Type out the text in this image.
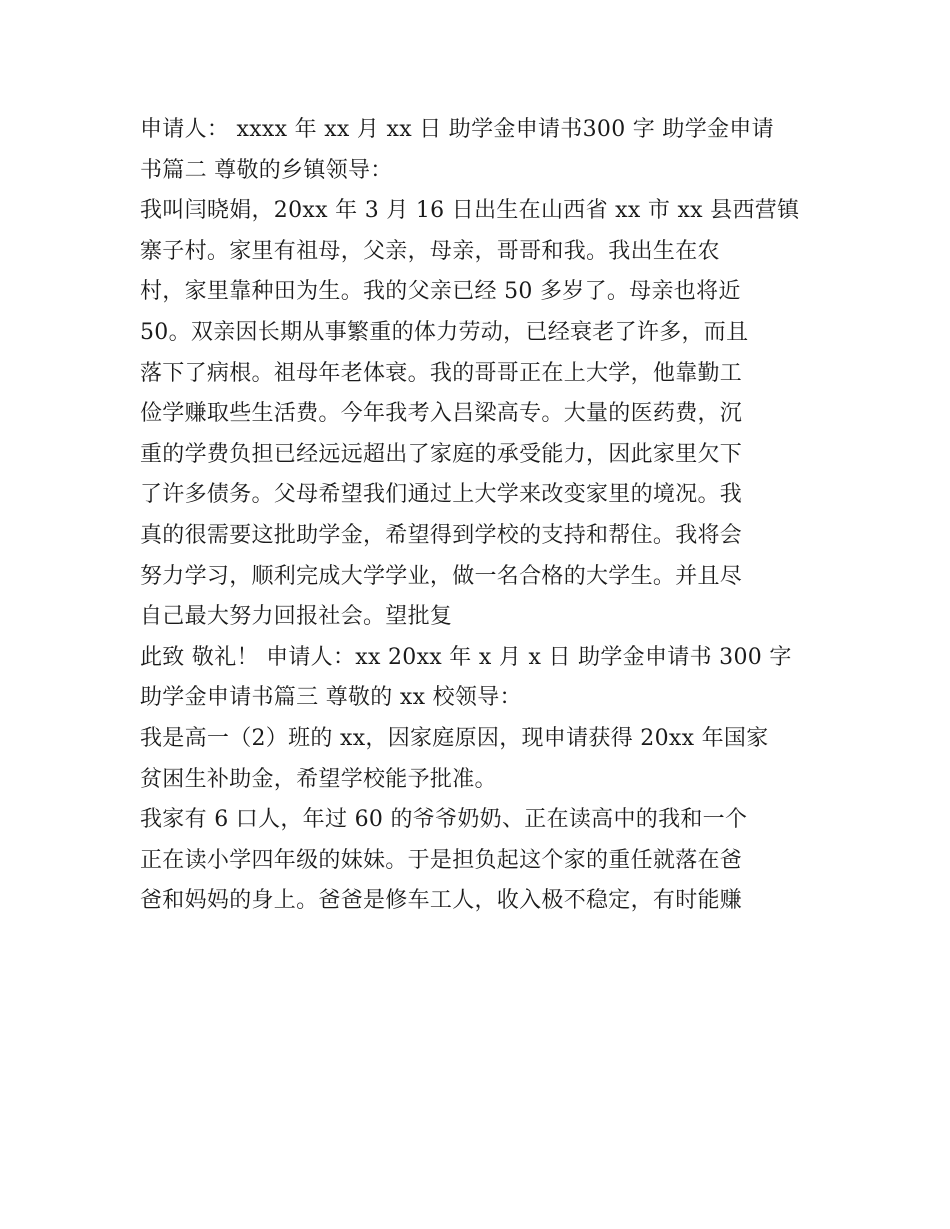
申请人： xxxx 年 xx 月 xx 日 助学金申请书300 字 助学金申请
书篇二 尊敬的乡镇领导：
我叫闫晓娟，20xx 年 3 月 16 日出生在山西省 xx 市 xx 县西营镇
寨子村。家里有祖母，父亲，母亲，哥哥和我。我出生在农
村，家里靠种田为生。我的父亲已经 50 多岁了。母亲也将近
50。双亲因长期从事繁重的体力劳动，已经衰老了许多，而且
落下了病根。祖母年老体衰。我的哥哥正在上大学，他靠勤工
俭学赚取些生活费。今年我考入吕梁高专。大量的医药费，沉
重的学费负担已经远远超出了家庭的承受能力，因此家里欠下
了许多债务。父母希望我们通过上大学来改变家里的境况。我
真的很需要这批助学金，希望得到学校的支持和帮住。我将会
努力学习，顺利完成大学学业，做一名合格的大学生。并且尽
自己最大努力回报社会。望批复
此致 敬礼！ 申请人：xx 20xx 年 x 月 x 日 助学金申请书 300 字
助学金申请书篇三 尊敬的 xx 校领导：
我是高一（2）班的 xx，因家庭原因，现申请获得 20xx 年国家
贫困生补助金，希望学校能予批准。
我家有 6 口人，年过 60 的爷爷奶奶、正在读高中的我和一个
正在读小学四年级的妹妹。于是担负起这个家的重任就落在爸
爸和妈妈的身上。爸爸是修车工人，收入极不稳定，有时能赚
